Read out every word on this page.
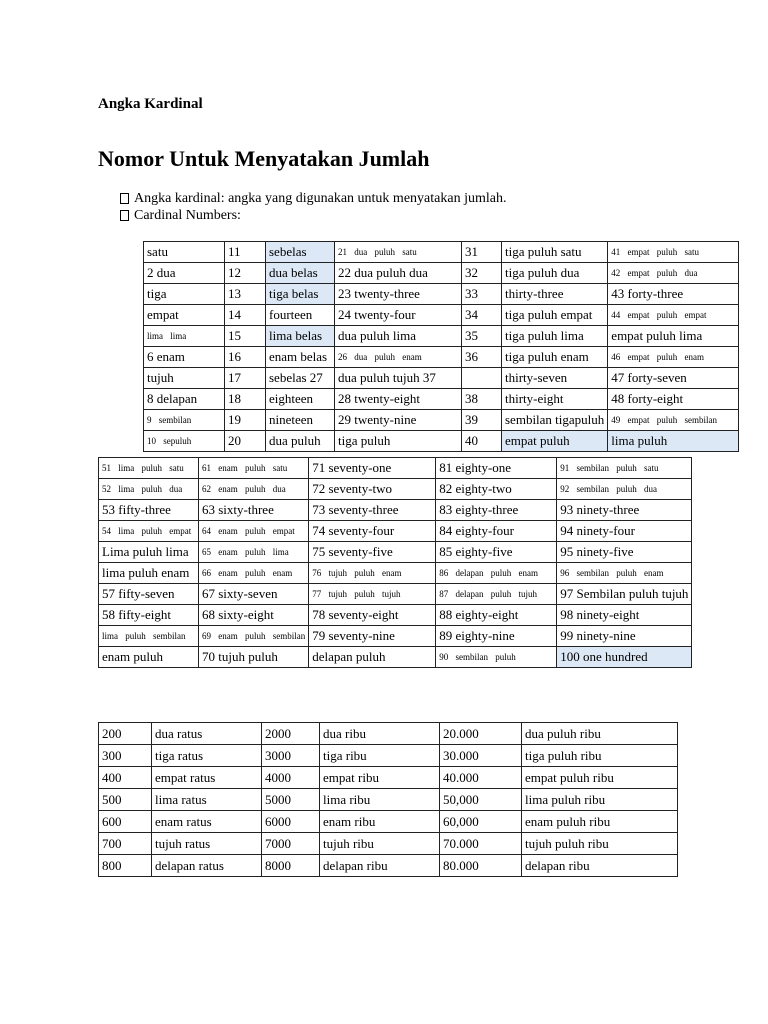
Angka Kardinal
Nomor Untuk Menyatakan Jumlah
Angka kardinal: angka yang digunakan untuk menyatakan jumlah.
Cardinal Numbers:
satu	11	sebelas	21 dua puluh satu	31	tiga puluh satu	41 empat puluh satu
2 dua	12	dua belas	22 dua puluh dua	32	tiga puluh dua	42 empat puluh dua
tiga	13	tiga belas	23 twenty-three	33	thirty-three	43 forty-three
empat	14	fourteen	24 twenty-four	34	tiga puluh empat	44 empat puluh empat
lima lima	15	lima belas	dua puluh lima	35	tiga puluh lima	empat puluh lima
6 enam	16	enam belas	26 dua puluh enam	36	tiga puluh enam	46 empat puluh enam
tujuh	17	sebelas 27	dua puluh tujuh 37		thirty-seven	47 forty-seven
8 delapan	18	eighteen	28 twenty-eight	38	thirty-eight	48 forty-eight
9 sembilan	19	nineteen	29 twenty-nine	39	sembilan tigapuluh	49 empat puluh sembilan
10 sepuluh	20	dua puluh	tiga puluh	40	empat puluh	lima puluh
51 lima puluh satu	61 enam puluh satu	71 seventy-one	81 eighty-one	91 sembilan puluh satu
52 lima puluh dua	62 enam puluh dua	72 seventy-two	82 eighty-two	92 sembilan puluh dua
53 fifty-three	63 sixty-three	73 seventy-three	83 eighty-three	93 ninety-three
54 lima puluh empat	64 enam puluh empat	74 seventy-four	84 eighty-four	94 ninety-four
Lima puluh lima	65 enam puluh lima	75 seventy-five	85 eighty-five	95 ninety-five
lima puluh enam	66 enam puluh enam	76 tujuh puluh enam	86 delapan puluh enam	96 sembilan puluh enam
57 fifty-seven	67 sixty-seven	77 tujuh puluh tujuh	87 delapan puluh tujuh	97 Sembilan puluh tujuh
58 fifty-eight	68 sixty-eight	78 seventy-eight	88 eighty-eight	98 ninety-eight
lima puluh sembilan	69 enam puluh sembilan	79 seventy-nine	89 eighty-nine	99 ninety-nine
enam puluh	70 tujuh puluh	delapan puluh	90 sembilan puluh	100 one hundred
200	dua ratus	2000	dua ribu	20.000	dua puluh ribu
300	tiga ratus	3000	tiga ribu	30.000	tiga puluh ribu
400	empat ratus	4000	empat ribu	40.000	empat puluh ribu
500	lima ratus	5000	lima ribu	50,000	lima puluh ribu
600	enam ratus	6000	enam ribu	60,000	enam puluh ribu
700	tujuh ratus	7000	tujuh ribu	70.000	tujuh puluh ribu
800	delapan ratus	8000	delapan ribu	80.000	delapan ribu
